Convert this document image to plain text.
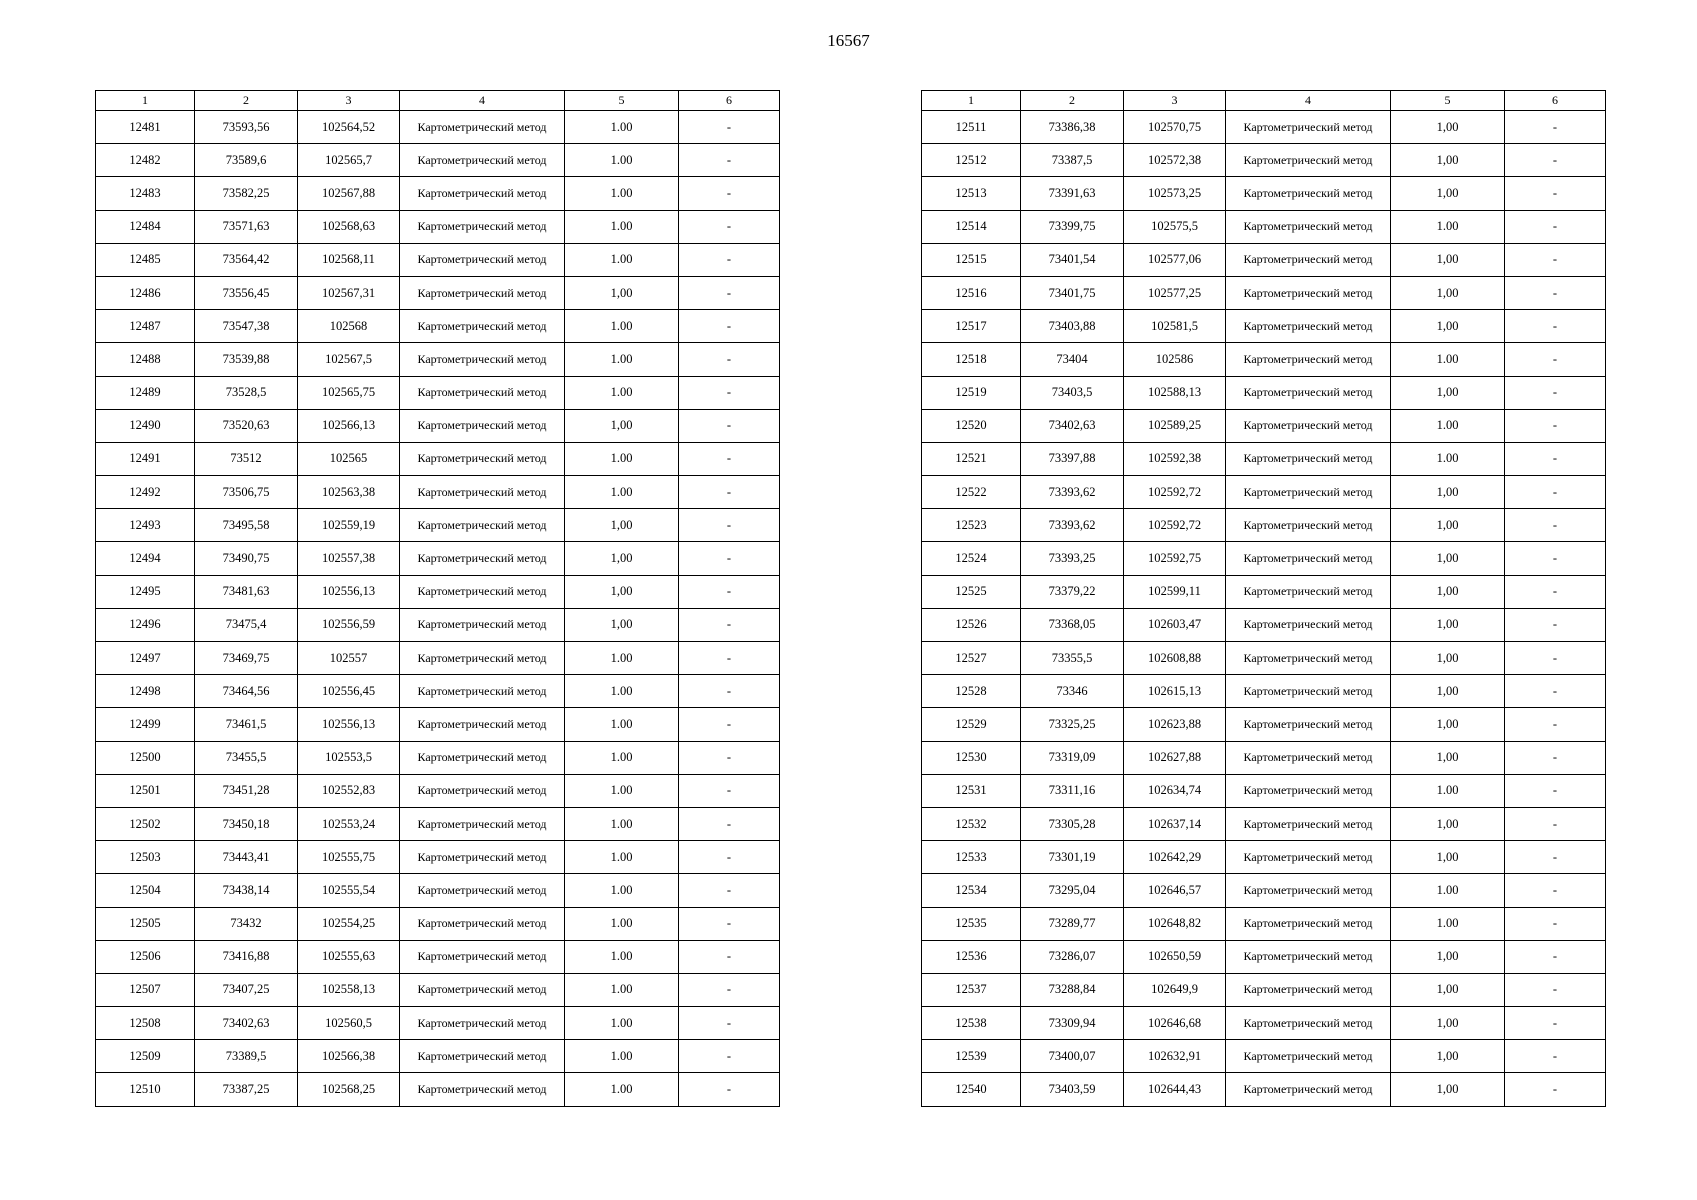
16567
1	2	3	4	5	6
12481	73593,56	102564,52	Картометрический метод	1.00	-
12482	73589,6	102565,7	Картометрический метод	1.00	-
12483	73582,25	102567,88	Картометрический метод	1.00	-
12484	73571,63	102568,63	Картометрический метод	1.00	-
12485	73564,42	102568,11	Картометрический метод	1.00	-
12486	73556,45	102567,31	Картометрический метод	1,00	-
12487	73547,38	102568	Картометрический метод	1.00	-
12488	73539,88	102567,5	Картометрический метод	1.00	-
12489	73528,5	102565,75	Картометрический метод	1.00	-
12490	73520,63	102566,13	Картометрический метод	1,00	-
12491	73512	102565	Картометрический метод	1.00	-
12492	73506,75	102563,38	Картометрический метод	1.00	-
12493	73495,58	102559,19	Картометрический метод	1,00	-
12494	73490,75	102557,38	Картометрический метод	1,00	-
12495	73481,63	102556,13	Картометрический метод	1,00	-
12496	73475,4	102556,59	Картометрический метод	1,00	-
12497	73469,75	102557	Картометрический метод	1.00	-
12498	73464,56	102556,45	Картометрический метод	1.00	-
12499	73461,5	102556,13	Картометрический метод	1.00	-
12500	73455,5	102553,5	Картометрический метод	1.00	-
12501	73451,28	102552,83	Картометрический метод	1.00	-
12502	73450,18	102553,24	Картометрический метод	1.00	-
12503	73443,41	102555,75	Картометрический метод	1.00	-
12504	73438,14	102555,54	Картометрический метод	1.00	-
12505	73432	102554,25	Картометрический метод	1.00	-
12506	73416,88	102555,63	Картометрический метод	1.00	-
12507	73407,25	102558,13	Картометрический метод	1.00	-
12508	73402,63	102560,5	Картометрический метод	1.00	-
12509	73389,5	102566,38	Картометрический метод	1.00	-
12510	73387,25	102568,25	Картометрический метод	1.00	-
1	2	3	4	5	6
12511	73386,38	102570,75	Картометрический метод	1,00	-
12512	73387,5	102572,38	Картометрический метод	1,00	-
12513	73391,63	102573,25	Картометрический метод	1,00	-
12514	73399,75	102575,5	Картометрический метод	1.00	-
12515	73401,54	102577,06	Картометрический метод	1,00	-
12516	73401,75	102577,25	Картометрический метод	1,00	-
12517	73403,88	102581,5	Картометрический метод	1,00	-
12518	73404	102586	Картометрический метод	1.00	-
12519	73403,5	102588,13	Картометрический метод	1,00	-
12520	73402,63	102589,25	Картометрический метод	1.00	-
12521	73397,88	102592,38	Картометрический метод	1.00	-
12522	73393,62	102592,72	Картометрический метод	1,00	-
12523	73393,62	102592,72	Картометрический метод	1,00	-
12524	73393,25	102592,75	Картометрический метод	1,00	-
12525	73379,22	102599,11	Картометрический метод	1,00	-
12526	73368,05	102603,47	Картометрический метод	1,00	-
12527	73355,5	102608,88	Картометрический метод	1,00	-
12528	73346	102615,13	Картометрический метод	1,00	-
12529	73325,25	102623,88	Картометрический метод	1,00	-
12530	73319,09	102627,88	Картометрический метод	1,00	-
12531	73311,16	102634,74	Картометрический метод	1.00	-
12532	73305,28	102637,14	Картометрический метод	1,00	-
12533	73301,19	102642,29	Картометрический метод	1,00	-
12534	73295,04	102646,57	Картометрический метод	1.00	-
12535	73289,77	102648,82	Картометрический метод	1.00	-
12536	73286,07	102650,59	Картометрический метод	1,00	-
12537	73288,84	102649,9	Картометрический метод	1,00	-
12538	73309,94	102646,68	Картометрический метод	1,00	-
12539	73400,07	102632,91	Картометрический метод	1,00	-
12540	73403,59	102644,43	Картометрический метод	1,00	-
